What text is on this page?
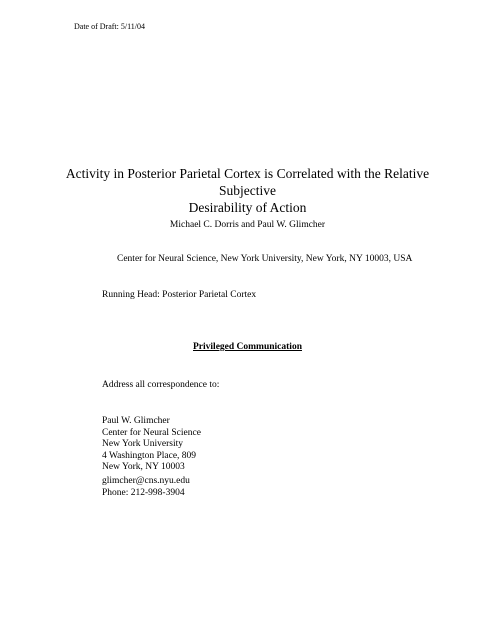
Date of Draft: 5/11/04
Activity in Posterior Parietal Cortex is Correlated with the Relative Subjective
Desirability of Action
Michael C. Dorris and Paul W. Glimcher
Center for Neural Science, New York University, New York, NY 10003, USA
Running Head: Posterior Parietal Cortex
Privileged Communication
Address all correspondence to:
Paul W. Glimcher
Center for Neural Science
New York University
4 Washington Place, 809
New York, NY 10003
glimcher@cns.nyu.edu
Phone: 212-998-3904
